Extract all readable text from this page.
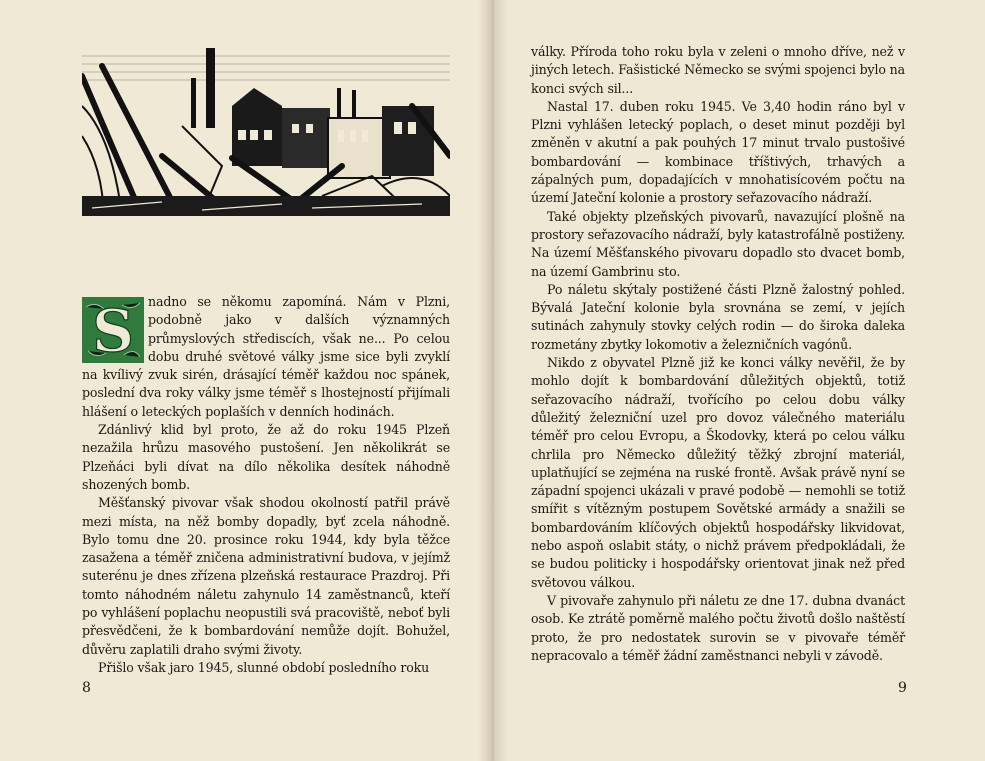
S nadno se někomu zapomíná. Nám v Plzni, podobně jako v dalších významných průmyslových střediscích, však ne... Po celou dobu druhé světové války jsme sice byli zvyklí na kvílivý zvuk sirén, drásající téměř každou noc spánek, poslední dva roky války jsme téměř s lhostejností přijímali hlášení o leteckých poplaších v denních hodinách.

Zdánlivý klid byl proto, že až do roku 1945 Plzeň nezažila hrůzu masového pustošení. Jen několikrát se Plzeňáci byli dívat na dílo několika desítek náhodně shozených bomb.

Měšťanský pivovar však shodou okolností patřil právě mezi místa, na něž bomby dopadly, byť zcela náhodně. Bylo tomu dne 20. prosince roku 1944, kdy byla těžce zasažena a téměř zničena administrativní budova, v jejímž suterénu je dnes zřízena plzeňská restaurace Prazdroj. Při tomto náhodném náletu zahynulo 14 zaměstnanců, kteří po vyhlášení poplachu neopustili svá pracoviště, neboť byli přesvědčeni, že k bombardování nemůže dojít. Bohužel, důvěru zaplatili draho svými životy.

Přišlo však jaro 1945, slunné období posledního roku

8

války. Příroda toho roku byla v zeleni o mnoho dříve, než v jiných letech. Fašistické Německo se svými spojenci bylo na konci svých sil...

Nastal 17. duben roku 1945. Ve 3,40 hodin ráno byl v Plzni vyhlášen letecký poplach, o deset minut později byl změněn v akutní a pak pouhých 17 minut trvalo pustošivé bombardování — kombinace tříštivých, trhavých a zápalných pum, dopadajících v mnohatisícovém počtu na území Jateční kolonie a prostory seřazovacího nádraží.

Také objekty plzeňských pivovarů, navazující plošně na prostory seřazovacího nádraží, byly katastrofálně postiženy. Na území Měšťanského pivovaru dopadlo sto dvacet bomb, na území Gambrinu sto.

Po náletu skýtaly postižené části Plzně žalostný pohled. Bývalá Jateční kolonie byla srovnána se zemí, v jejích sutinách zahynuly stovky celých rodin — do široka daleka rozmetány zbytky lokomotiv a železničních vagónů.

Nikdo z obyvatel Plzně již ke konci války nevěřil, že by mohlo dojít k bombardování důležitých objektů, totiž seřazovacího nádraží, tvořícího po celou dobu války důležitý železniční uzel pro dovoz válečného materiálu téměř pro celou Evropu, a Škodovky, která po celou válku chrlila pro Německo důležitý těžký zbrojní materiál, uplatňující se zejména na ruské frontě. Avšak právě nyní se západní spojenci ukázali v pravé podobě — nemohli se totiž smířit s vítězným postupem Sovětské armády a snažili se bombardováním klíčových objektů hospodářsky likvidovat, nebo aspoň oslabit státy, o nichž právem předpokládali, že se budou politicky i hospodářsky orientovat jinak než před světovou válkou.

V pivovaře zahynulo při náletu ze dne 17. dubna dvanáct osob. Ke ztrátě poměrně malého počtu životů došlo naštěstí proto, že pro nedostatek surovin se v pivovaře téměř nepracovalo a téměř žádní zaměstnanci nebyli v závodě.

9
